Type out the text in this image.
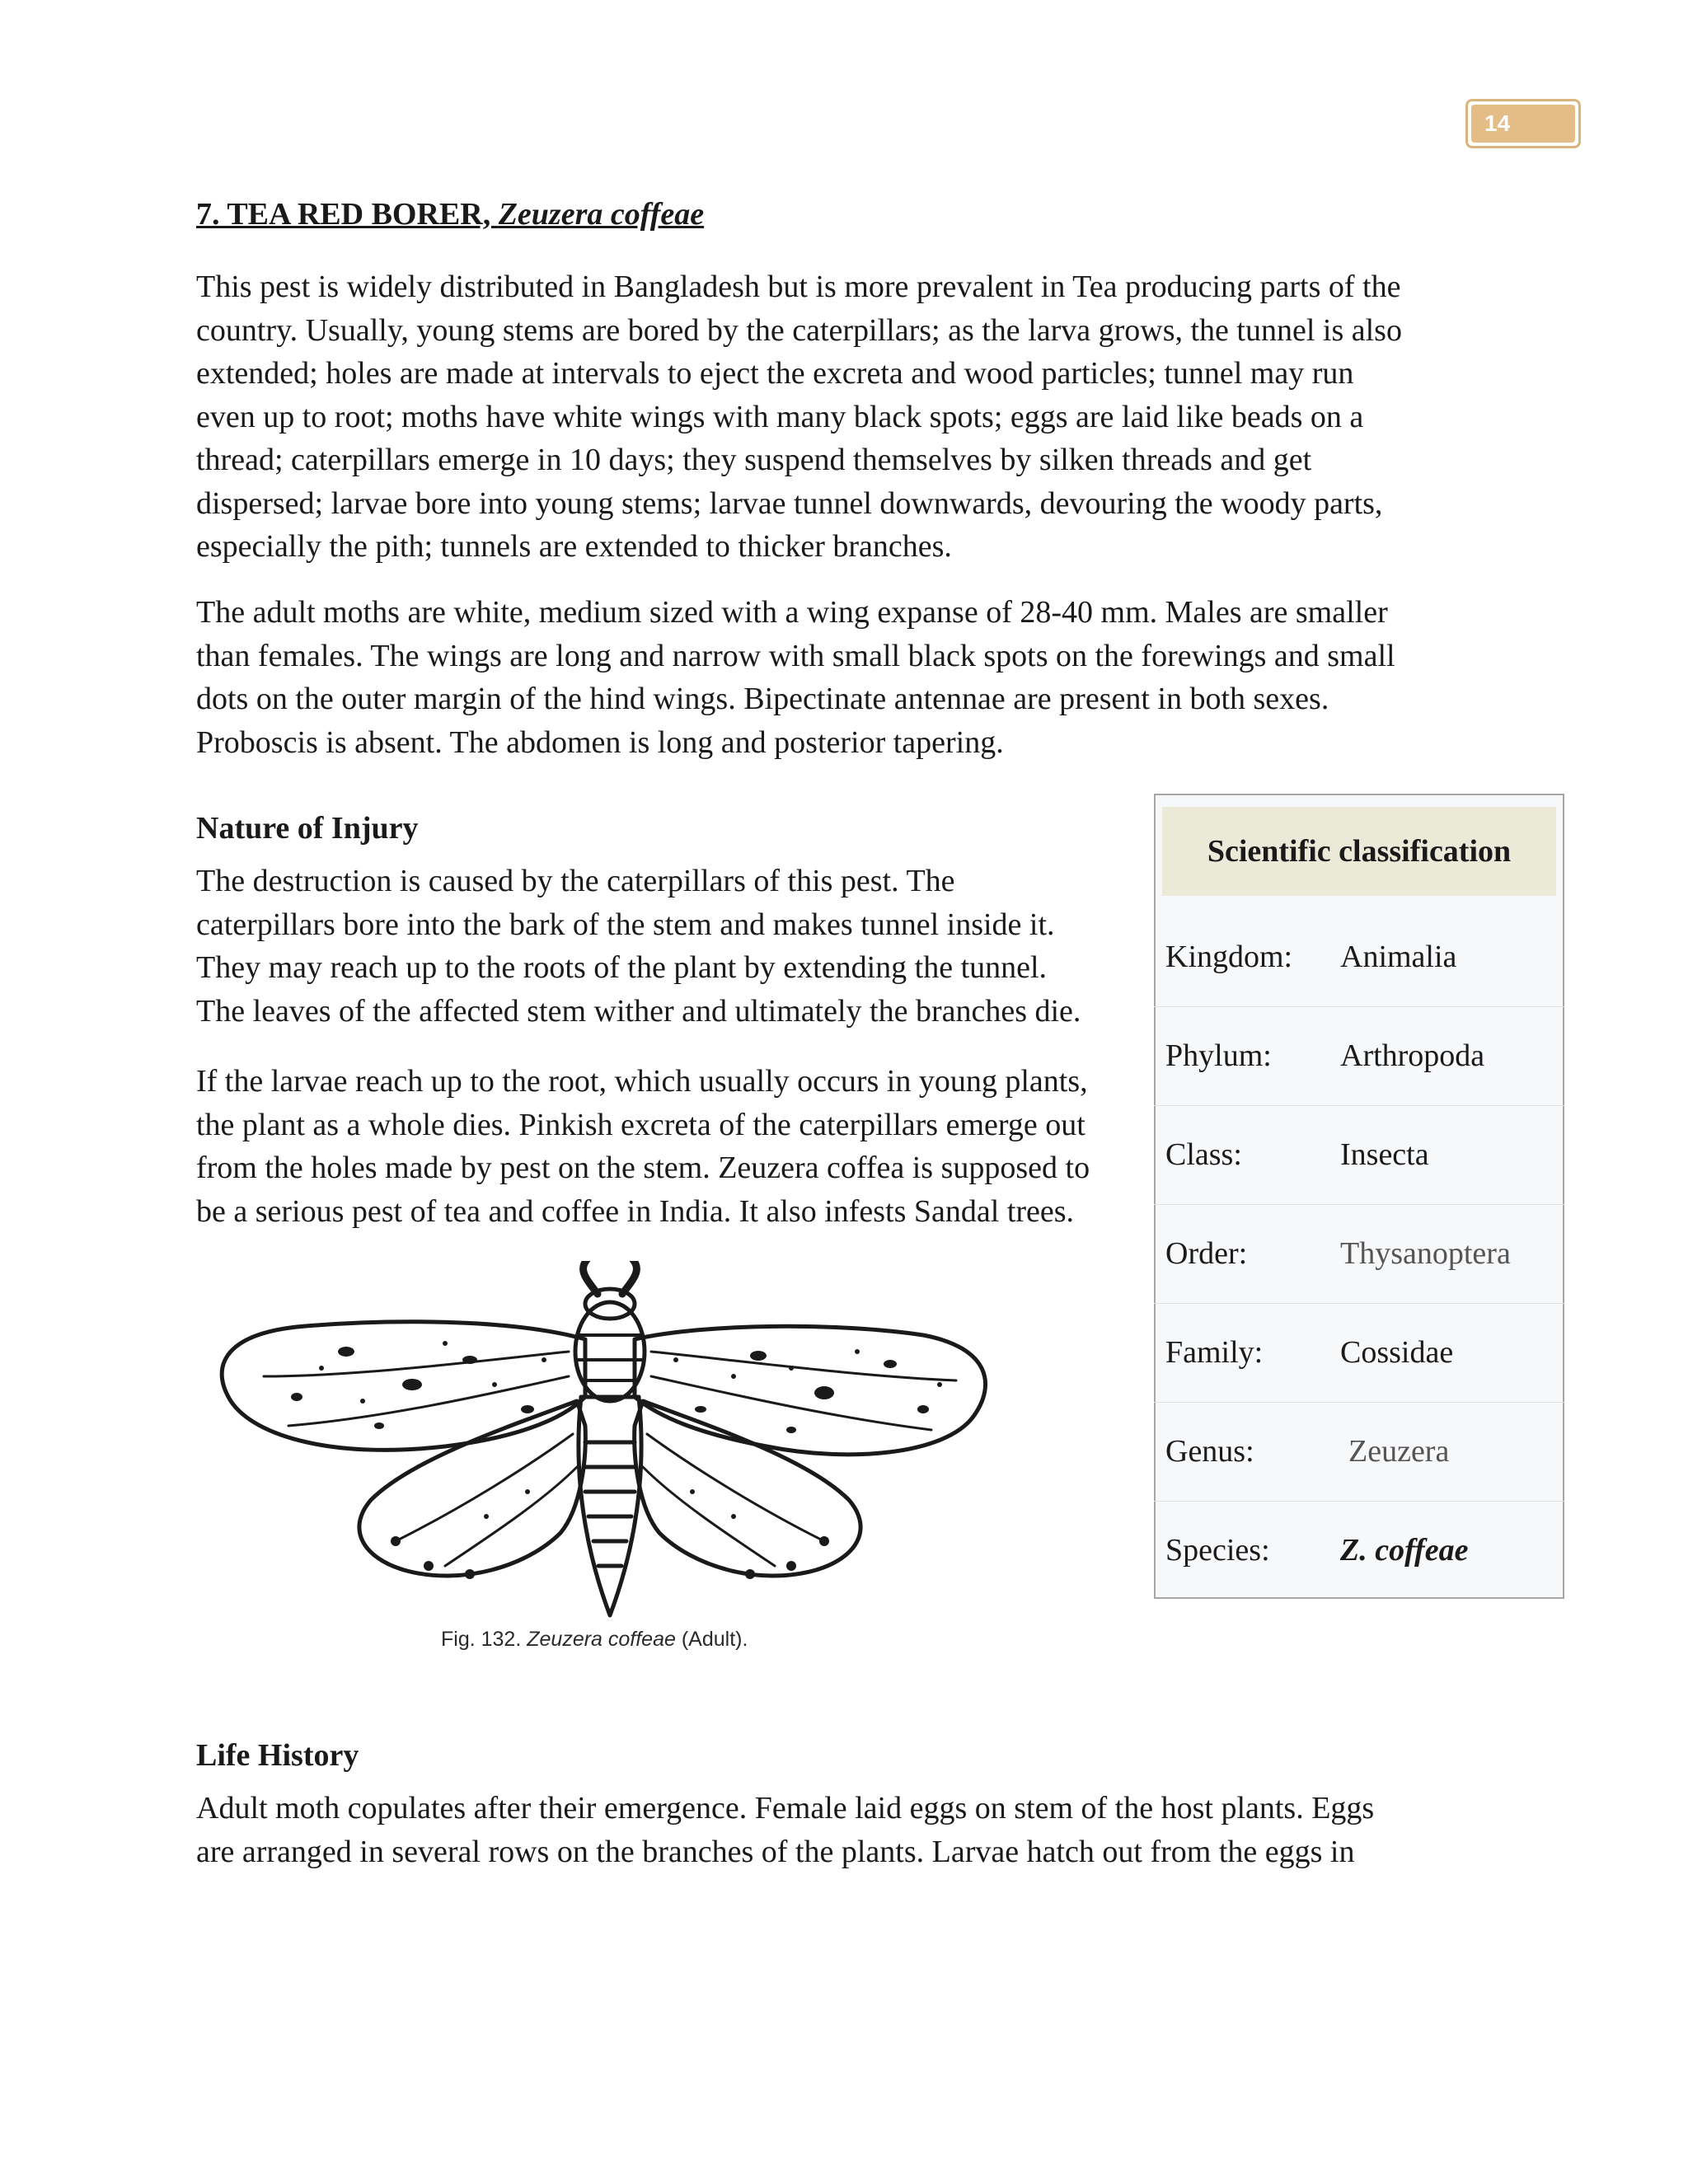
14
7. TEA RED BORER, Zeuzera coffeae

This pest is widely distributed in Bangladesh but is more prevalent in Tea producing parts of the
country. Usually, young stems are bored by the caterpillars; as the larva grows, the tunnel is also
extended; holes are made at intervals to eject the excreta and wood particles; tunnel may run
even up to root; moths have white wings with many black spots; eggs are laid like beads on a
thread; caterpillars emerge in 10 days; they suspend themselves by silken threads and get
dispersed; larvae bore into young stems; larvae tunnel downwards, devouring the woody parts,
especially the pith; tunnels are extended to thicker branches.

The adult moths are white, medium sized with a wing expanse of 28-40 mm. Males are smaller
than females. The wings are long and narrow with small black spots on the forewings and small
dots on the outer margin of the hind wings. Bipectinate antennae are present in both sexes.
Proboscis is absent. The abdomen is long and posterior tapering.

Nature of Injury

The destruction is caused by the caterpillars of this pest. The
caterpillars bore into the bark of the stem and makes tunnel inside it.
They may reach up to the roots of the plant by extending the tunnel.
The leaves of the affected stem wither and ultimately the branches die.

If the larvae reach up to the root, which usually occurs in young plants,
the plant as a whole dies. Pinkish excreta of the caterpillars emerge out
from the holes made by pest on the stem. Zeuzera coffea is supposed to
be a serious pest of tea and coffee in India. It also infests Sandal trees.

Scientific classification
Kingdom: Animalia
Phylum: Arthropoda
Class:	Insecta
Order:	Thysanoptera
Family: Cossidae
Genus:	Zeuzera
Species: Z. coffeae
Fig. 132. Zeuzera coffeae (Adult).
Life History

Adult moth copulates after their emergence. Female laid eggs on stem of the host plants. Eggs
are arranged in several rows on the branches of the plants. Larvae hatch out from the eggs in
